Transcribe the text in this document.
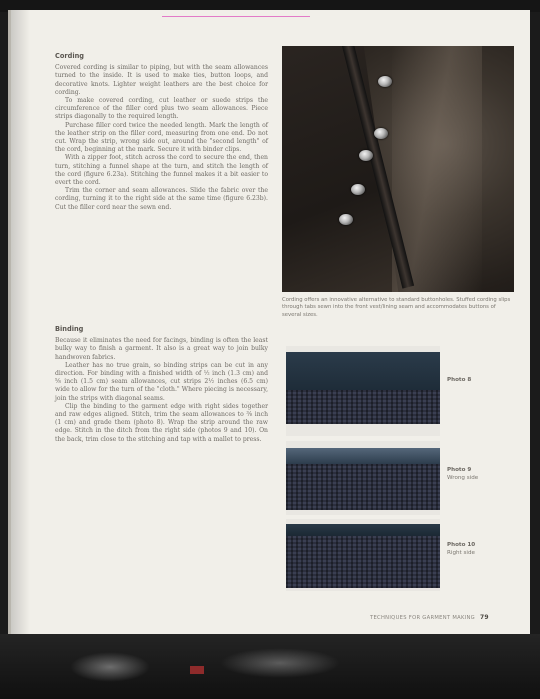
Cording

Covered cording is similar to piping, but with the seam allowances turned to the inside. It is used to make ties, button loops, and decorative knots. Lighter weight leathers are the best choice for cording.

To make covered cording, cut leather or suede strips the circumference of the filler cord plus two seam allowances. Piece strips diagonally to the required length.

Purchase filler cord twice the needed length. Mark the length of the leather strip on the filler cord, measuring from one end. Do not cut. Wrap the strip, wrong side out, around the "second length" of the cord, beginning at the mark. Secure it with binder clips.

With a zipper foot, stitch across the cord to secure the end, then turn, stitching a funnel shape at the turn, and stitch the length of the cord (figure 6.23a). Stitching the funnel makes it a bit easier to evert the cord.

Trim the corner and seam allowances. Slide the fabric over the cording, turning it to the right side at the same time (figure 6.23b). Cut the filler cord near the sewn end.

Binding

Because it eliminates the need for facings, binding is often the least bulky way to finish a garment. It also is a great way to join bulky handwoven fabrics.

Leather has no true grain, so binding strips can be cut in any direction. For binding with a finished width of ½ inch (1.3 cm) and ⅝ inch (1.5 cm) seam allowances, cut strips 2½ inches (6.5 cm) wide to allow for the turn of the "cloth." Where piecing is necessary, join the strips with diagonal seams.

Clip the binding to the garment edge with right sides together and raw edges aligned. Stitch, trim the seam allowances to ⅜ inch (1 cm) and grade them (photo 8). Wrap the strip around the raw edge. Stitch in the ditch from the right side (photos 9 and 10). On the back, trim close to the stitching and tap with a mallet to press.

Cording offers an innovative alternative to standard buttonholes. Stuffed cording slips through tabs sewn into the front vest/lining seam and accommodates buttons of several sizes.
Photo 8
Photo 9
Wrong side
Photo 10
Right side
TECHNIQUES FOR GARMENT MAKING 79
